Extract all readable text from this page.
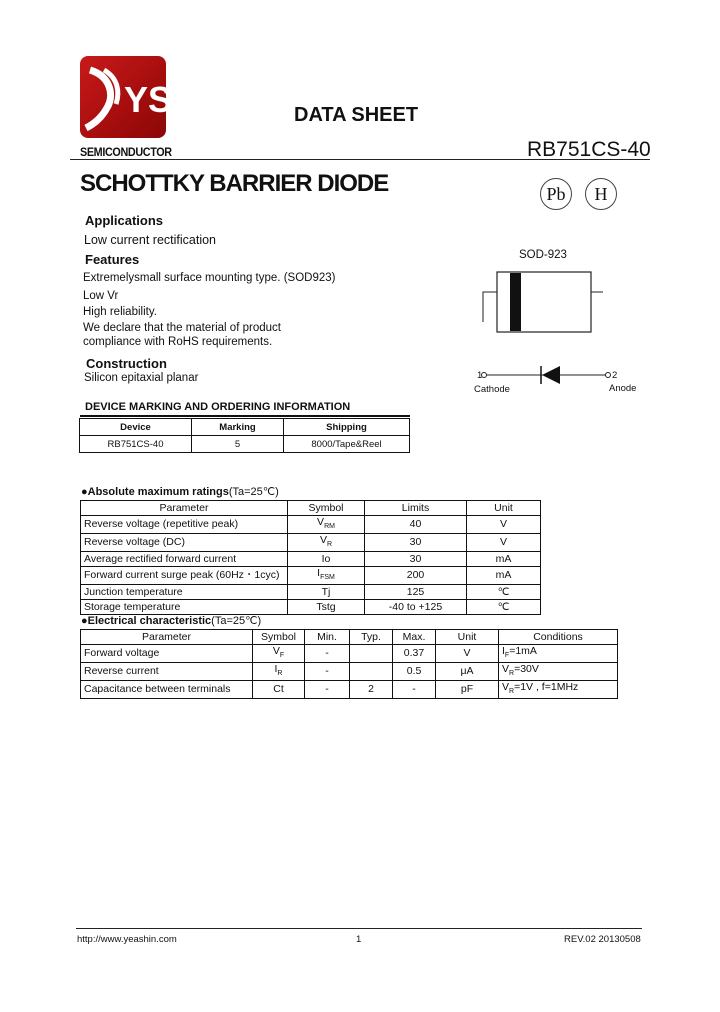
YS
SEMICONDUCTOR
DATA SHEET
RB751CS-40
SCHOTTKY BARRIER DIODE	Pb H
Applications
Low current rectification
Features
Extremelysmall surface mounting type. (SOD923)
Low Vr
High reliability.
We declare that the material of product
compliance with RoHS requirements.
Construction
Silicon epitaxial planar
SOD-923
1
Cathode
2
Anode
DEVICE MARKING AND ORDERING INFORMATION
Device	Marking	Shipping
RB751CS-40	5	8000/Tape&Reel
●Absolute maximum ratings(Ta=25℃)
Parameter	Symbol	Limits	Unit
Reverse voltage (repetitive peak)	$V_{RM}$	40	V
Reverse voltage (DC)	$V_R$	30	V
Average rectified forward current	Io	30	mA
Forward current surge peak (60Hz・1cyc)	$I_{FSM}$	200	mA
Junction temperature	Tj	125	℃
Storage temperature	Tstg	-40 to +125	℃
●Electrical characteristic(Ta=25℃)
Parameter	Symbol	Min.	Typ.	Max.	Unit	Conditions
Forward voltage	$V_F$	-		0.37	V	$I_F=1mA$
Reverse current	$I_R$	-		0.5	μA	$V_R=30V$
Capacitance between terminals	Ct	-	2	-	pF	$V_R=1V$ , f=1MHz
http://www.yeashin.com	1	REV.02 20130508
